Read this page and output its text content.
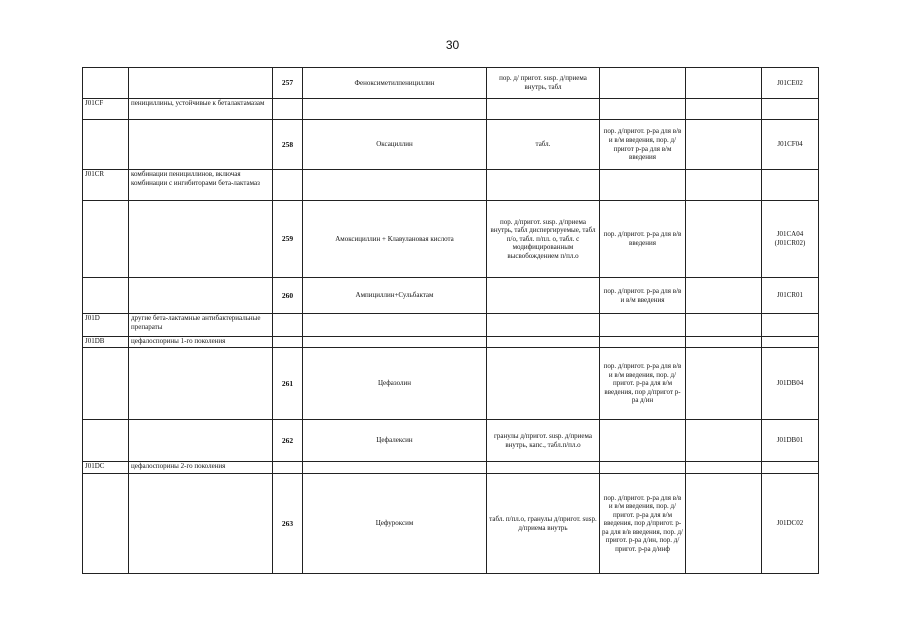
30
		257	Феноксиметилпенициллин	пор. д/ пригот. susp. д/приема внутрь, табл			J01CE02
J01CF	пенициллины, устойчивые к беталактамазам						
		258	Оксациллин	табл.	пор. д/пригот. р-ра для в/в и в/м введения, пор. д/пригот р-ра для в/м введения		J01CF04
J01CR	комбинации пенициллинов, включая комбинации с ингибиторами бета-лактамаз						
		259	Амоксициллин + Клавулановая кислота	пор. д/пригот. susp. д/приема внутрь, табл диспергируемые, табл п/о, табл. п/пл. о, табл. с модифицированным высвобождением п/пл.о	пор. д/пригот. р-ра для в/в введения		J01CA04 (J01CR02)
		260	Ампициллин+Сульбактам		пор. д/пригот. р-ра для в/в и в/м введения		J01CR01
J01D	другие бета-лактамные антибактериальные препараты						
J01DB	цефалоспорины 1-го поколения						
		261	Цефазолин		пор. д/пригот. р-ра для в/в и в/м введения, пор. д/пригот. р-ра для в/м введения, пор д/пригот р-ра д/ин		J01DB04
		262	Цефалексин	гранулы д/пригот. susp. д/приема внутрь, капс., табл.п/пл.о			J01DB01
J01DC	цефалоспорины 2-го поколения						
		263	Цефуроксим	табл. п/пл.о, гранулы д/пригот. susp. д/приема внутрь	пор. д/пригот. р-ра для в/в и в/м введения, пор. д/пригот. р-ра для в/м введения, пор д/пригот. р-ра для в/в введения, пор. д/пригот. р-ра д/ин, пор. д/пригот. р-ра д/инф		J01DC02
